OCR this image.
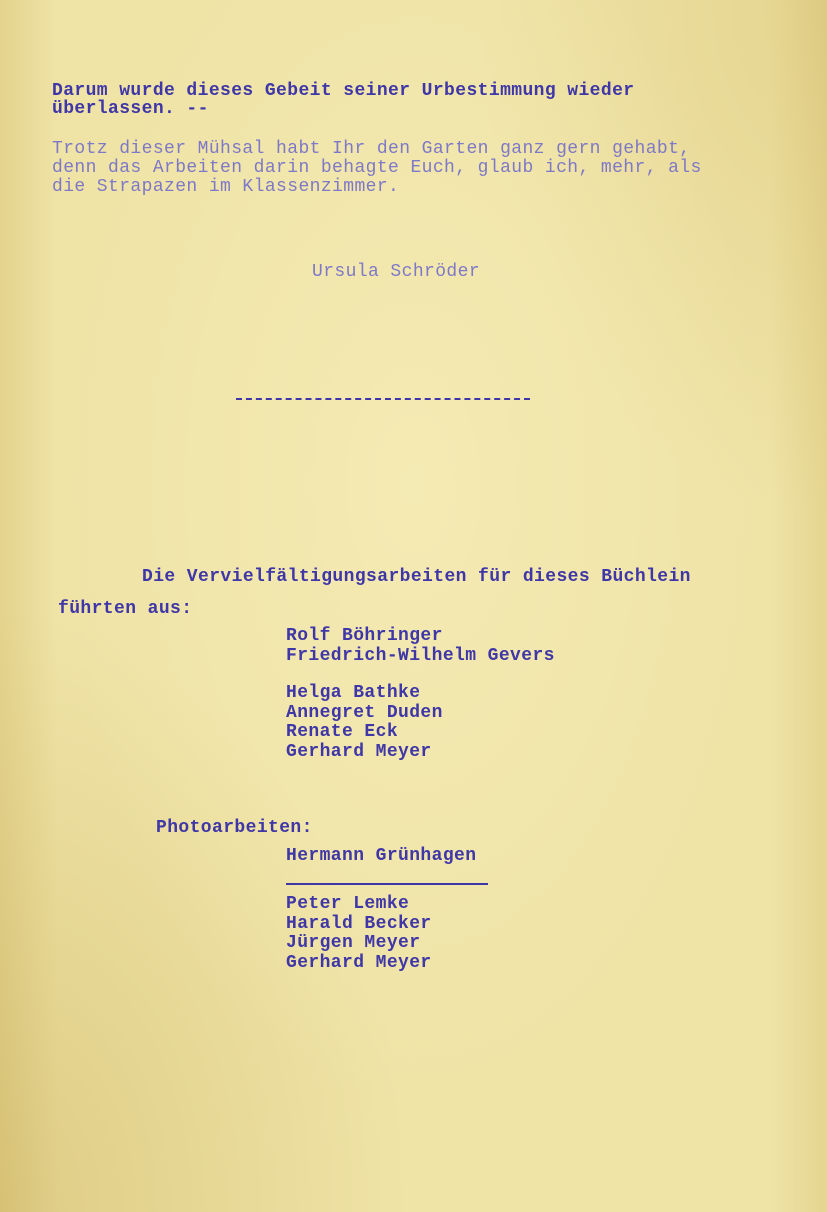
Darum wurde dieses Gebeit seiner Urbestimmung wieder
überlassen. --
Trotz dieser Mühsal habt Ihr den Garten ganz gern gehabt,
denn das Arbeiten darin behagte Euch, glaub ich, mehr, als
die Strapazen im Klassenzimmer.
Ursula Schröder
Die Vervielfältigungsarbeiten für dieses Büchlein
führten aus:
Rolf Böhringer
Friedrich-Wilhelm Gevers
Helga Bathke
Annegret Duden
Renate Eck
Gerhard Meyer
Photoarbeiten:
Hermann Grünhagen
Peter Lemke
Harald Becker
Jürgen Meyer
Gerhard Meyer
